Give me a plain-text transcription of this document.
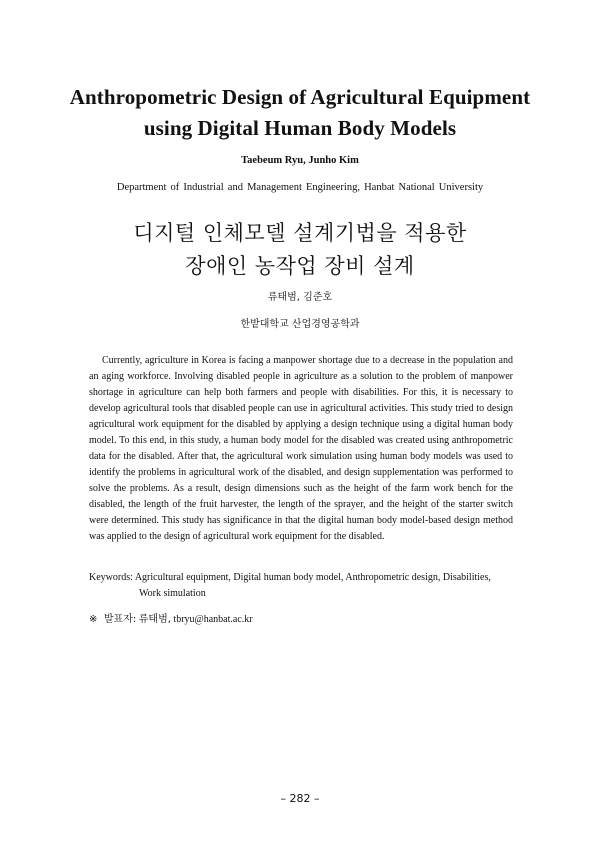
Anthropometric Design of Agricultural Equipment
using Digital Human Body Models
Taebeum Ryu, Junho Kim
Department of Industrial and Management Engineering, Hanbat National University
디지털 인체모델 설계기법을 적용한
장애인 농작업 장비 설계
류태범, 김준호
한밭대학교 산업경영공학과

Currently, agriculture in Korea is facing a manpower shortage due to a decrease in the population and an aging workforce. Involving disabled people in agriculture as a solution to the problem of manpower shortage in agriculture can help both farmers and people with disabilities. For this, it is necessary to develop agricultural tools that disabled people can use in agricultural activities. This study tried to design agricultural work equipment for the disabled by applying a design technique using a digital human body model. To this end, in this study, a human body model for the disabled was created using anthropometric data for the disabled. After that, the agricultural work simulation using human body models was used to identify the problems in agricultural work of the disabled, and design supplementation was performed to solve the problems. As a result, design dimensions such as the height of the farm work bench for the disabled, the length of the fruit harvester, the length of the sprayer, and the height of the starter switch were determined. This study has significance in that the digital human body model-based design method was applied to the design of agricultural work equipment for the disabled.

Keywords: Agricultural equipment, Digital human body model, Anthropometric design, Disabilities,
Work simulation
※ 발표자: 류태범, tbryu@hanbat.ac.kr
– 282 –
